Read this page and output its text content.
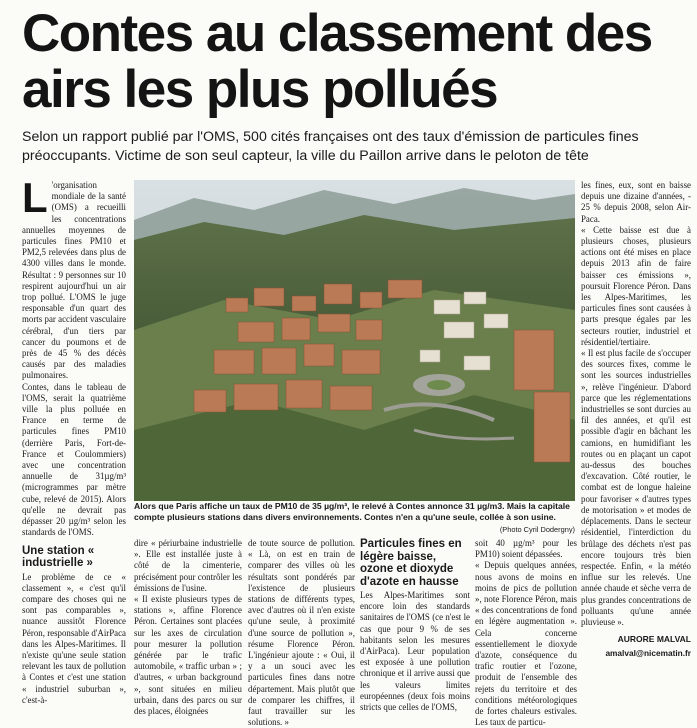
Contes au classement des airs les plus pollués

Selon un rapport publié par l'OMS, 500 cités françaises ont des taux d'émission de particules fines préoccupants. Victime de son seul capteur, la ville du Paillon arrive dans le peloton de tête

L 'organisation mondiale de la santé (OMS) a recueilli les concentrations annuelles moyennes de particules fines PM10 et PM2,5 relevées dans plus de 4300 villes dans le monde. Résultat : 9 personnes sur 10 respirent aujourd'hui un air trop pollué. L'OMS le juge responsable d'un quart des morts par accident vasculaire cérébral, d'un tiers par cancer du poumons et de près de 45 % des décès causés par des maladies pulmonaires.

Contes, dans le tableau de l'OMS, serait la quatrième ville la plus polluée en France en terme de particules fines PM10 (derrière Paris, Fort-de-France et Coulommiers) avec une concentration annuelle de 31µg/m³ (microgrammes par mètre cube, relevé de 2015). Alors qu'elle ne devrait pas dépasser 20 µg/m³ selon les standards de l'OMS.

Une station « industrielle »

Le problème de ce « classement », « c'est qu'il compare des choses qui ne sont pas comparables », nuance aussitôt Florence Péron, responsable d'AirPaca dans les Alpes-Maritimes. Il n'existe qu'une seule station relevant les taux de pollution à Contes et c'est une station « industriel suburban », c'est-à-

Alors que Paris affiche un taux de PM10 de 35 µg/m³, le relevé à Contes annonce 31 µg/m3. Mais la capitale compte plusieurs stations dans divers environnements. Contes n'en a qu'une seule, collée à son usine.

(Photo Cyril Dodergny)

dire « périurbaine industrielle ». Elle est installée juste à côté de la cimenterie, précisément pour contrôler les émissions de l'usine.

« Il existe plusieurs types de stations », affine Florence Péron. Certaines sont placées sur les axes de circulation pour mesurer la pollution générée par le trafic automobile, « traffic urban » ; d'autres, « urban background », sont situées en milieu urbain, dans des parcs ou sur des places, éloignées

de toute source de pollution. « Là, on est en train de comparer des villes où les résultats sont pondérés par l'existence de plusieurs stations de différents types, avec d'autres où il n'en existe qu'une seule, à proximité d'une source de pollution », résume Florence Péron. L'ingénieur ajoute : « Oui, il y a un souci avec les particules fines dans notre département. Mais plutôt que de comparer les chiffres, il faut travailler sur les solutions. »

Particules fines en légère baisse, ozone et dioxyde d'azote en hausse

Les Alpes-Maritimes sont encore loin des standards sanitaires de l'OMS (ce n'est le cas que pour 9 % de ses habitants selon les mesures d'AirPaca). Leur population est exposée à une pollution chronique et il arrive aussi que les valeurs limites européennes (deux fois moins stricts que celles de l'OMS,

soit 40 µg/m³ pour les PM10) soient dépassées.

« Depuis quelques années, nous avons de moins en moins de pics de pollution », note Florence Péron, mais « des concentrations de fond en légère augmentation ». Cela concerne essentiellement le dioxyde d'azote, conséquence du trafic routier et l'ozone, produit de l'ensemble des rejets du territoire et des conditions météorologiques de fortes chaleurs estivales. Les taux de particu-

les fines, eux, sont en baisse depuis une dizaine d'années, - 25 % depuis 2008, selon Air-Paca.

« Cette baisse est due à plusieurs choses, plusieurs actions ont été mises en place depuis 2013 afin de faire baisser ces émissions », poursuit Florence Péron. Dans les Alpes-Maritimes, les particules fines sont causées à parts presque égales par les secteurs routier, industriel et résidentiel/tertiaire.

« Il est plus facile de s'occuper des sources fixes, comme le sont les sources industrielles », relève l'ingénieur. D'abord parce que les réglementations industrielles se sont durcies au fil des années, et qu'il est possible d'agir en bâchant les camions, en humidifiant les routes ou en plaçant un capot au-dessus des bouches d'excavation. Côté routier, le combat est de longue haleine pour favoriser « d'autres types de motorisation » et modes de déplacements. Dans le secteur résidentiel, l'interdiction du brûlage des déchets n'est pas encore toujours très bien respectée. Enfin, « la météo influe sur les relevés. Une année chaude et sèche verra de plus grandes concentrations de polluants qu'une année pluvieuse ».

AURORE MALVAL

amalval@nicematin.fr
